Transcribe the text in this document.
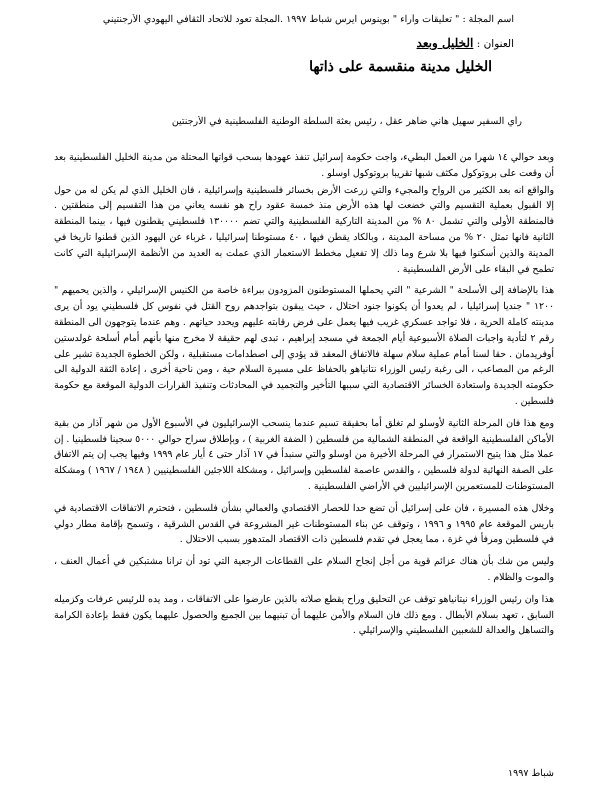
اسم المجلة : " تعليقات وآراء " بوينوس ايرس شباط ١٩٩٧ .المجلة تعود للاتحاد الثقافي اليهودي الأرجنتيني
العنوان : الخليل وبعد
الخليل مدينة منقسمة على ذاتها
رأي السفير سهيل هاني ضاهر عقل ، رئيس بعثة السلطة الوطنية الفلسطينية في الأرجنتين

وبعد حوالي ١٤ شهرا من العمل البطيء، واجت حكومة إسرائيل تنفذ عهودها بسحب قواتها المحتلة من مدينة الخليل الفلسطينية بعد أن وقعت على بروتوكول مكثف شبها تقريبا بروتوكول اوسلو .

والواقع انه بعد الكثير من الرواح والمجيء والتي زرعت الأرض بخسائر فلسطينية وإسرائيلية ، فان الخليل الذي لم يكن له من حول إلا القبول بعملية التقسيم والتي خضعت لها هذه الأرض منذ خمسة عقود راح هو نفسه يعاني من هذا التقسيم إلى منطقتين . فالمنطقة الأولى والتي تشمل ٨٠ % من المدينة التاركية الفلسطينية والتي تضم ١٣٠٠٠٠ فلسطيني يقطنون فيها ، بينما المنطقة الثانية فانها تمثل ٢٠ % من مساحة المدينة ، وبالكاد يقطن فيها ، ٤٠ مستوطنا إسرائيليا ، غرباء عن اليهود الذين قطنوا تاريخا في المدينة والذين أسكنوا فيها بلا شرع وما ذلك إلا تفعيل مخطط الاستعمار الذي عملت به العديد من الأنظمة الإسرائيلية التي كانت تطمح في البقاء على الأرض الفلسطينية .

هذا بالإضافة إلى الأسلحة " الشرعية " التي يحملها المستوطنون المزودون ببراءة خاصة من الكنيس الإسرائيلي ، والذين يحميهم " ١٢٠٠ " جنديا إسرائيليا ، لم يعدوا أن يكونوا جنود احتلال ، حيث يبقون بتواجدهم روح القتل في نفوس كل فلسطيني يود أن يرى مدينته كاملة الحرية ، فلا تواجد عسكري غريب فيها يعمل على فرض رقابته عليهم ويحدد حياتهم . وهم عندما يتوجهون الى المنطقة رقم ٢ لتأدية واجبات الصلاة الأسبوعية أيام الجمعة في مسجد إبراهيم ، تبدى لهم حقيقة لا مخرج منها بأنهم أمام أسلحة غولدستين أوفريدمان . حقا لسنا أمام عملية سلام سهلة فالاتفاق المعقد قد يؤدي إلى اصطدامات مستقبلية ، ولكن الخطوة الجديدة تشير على الرغم من المصاعب ، الى رغبة رئيس الوزراء نتانياهو بالحفاظ على مسيرة السلام حية ، ومن ناحية أخرى ، إعادة الثقة الدولية الى حكومته الجديدة واستعادة الخسائر الاقتصادية التي سببها التأخير والتجميد في المحادثات وتنفيذ القرارات الدولية الموقعة مع حكومة فلسطين .

ومع هذا فان المرحلة الثانية لأوسلو لم تغلق أما بحقيقة تسيم عندما ينسحب الإسرائيليون في الأسبوع الأول من شهر آذار من بقية الأماكن الفلسطينية الواقعة في المنطقة الشمالية من فلسطين ( الضفة الغربية ) ، وبإطلاق سراح حوالي ٥٠٠٠ سجينا فلسطينيا . إن عملا مثل هذا يتيح الاستمرار في المرحلة الأخيرة من اوسلو والتي سنبدأ في ١٧ آذار حتى ٤ أيار عام ١٩٩٩ وفيها يجب إن يتم الاتفاق على الصفة النهائية لدولة فلسطين ، والقدس عاصمة لفلسطين وإسرائيل ، ومشكلة اللاجئين الفلسطينيين ( ١٩٤٨ / ١٩٦٧ ) ومشكلة المستوطنات للمستعمرين الإسرائيليين في الأراضي الفلسطينية .

وخلال هذه المسيرة ، فان على إسرائيل أن تضع حدا للحصار الاقتصادي والعمالي بشأن فلسطين ، فتحترم الاتفاقات الاقتصادية في باريس الموقعة عام ١٩٩٥ و ١٩٩٦ ، وتوقف عن بناء المستوطنات غير المشروعة في القدس الشرقية ، وتسمح بإقامة مطار دولي في فلسطين ومرفأ في غزة ، مما يعجل في تقدم فلسطين ذات الاقتصاد المتدهور بسبب الاحتلال .

وليس من شك بأن هناك عزائم قوية من أجل إنجاح السلام على القطاعات الرجعية التي تود أن ترانا مشتبكين في أعمال العنف ، والموت والظلام .

هذا وان رئيس الوزراء نيتانياهو توقف عن التحليق وراح يقطع صلاته بالذين عارضوا على الاتفاقات ، ومد يده للرئيس عرفات وكزميله السابق ، تعهد بسلام الأبطال . ومع ذلك فان السلام والأمن عليهما أن تبنيهما بين الجميع والحصول عليهما يكون فقط بإعادة الكرامة والتساهل والعدالة للشعبين الفلسطيني والإسرائيلي .

شباط ١٩٩٧
